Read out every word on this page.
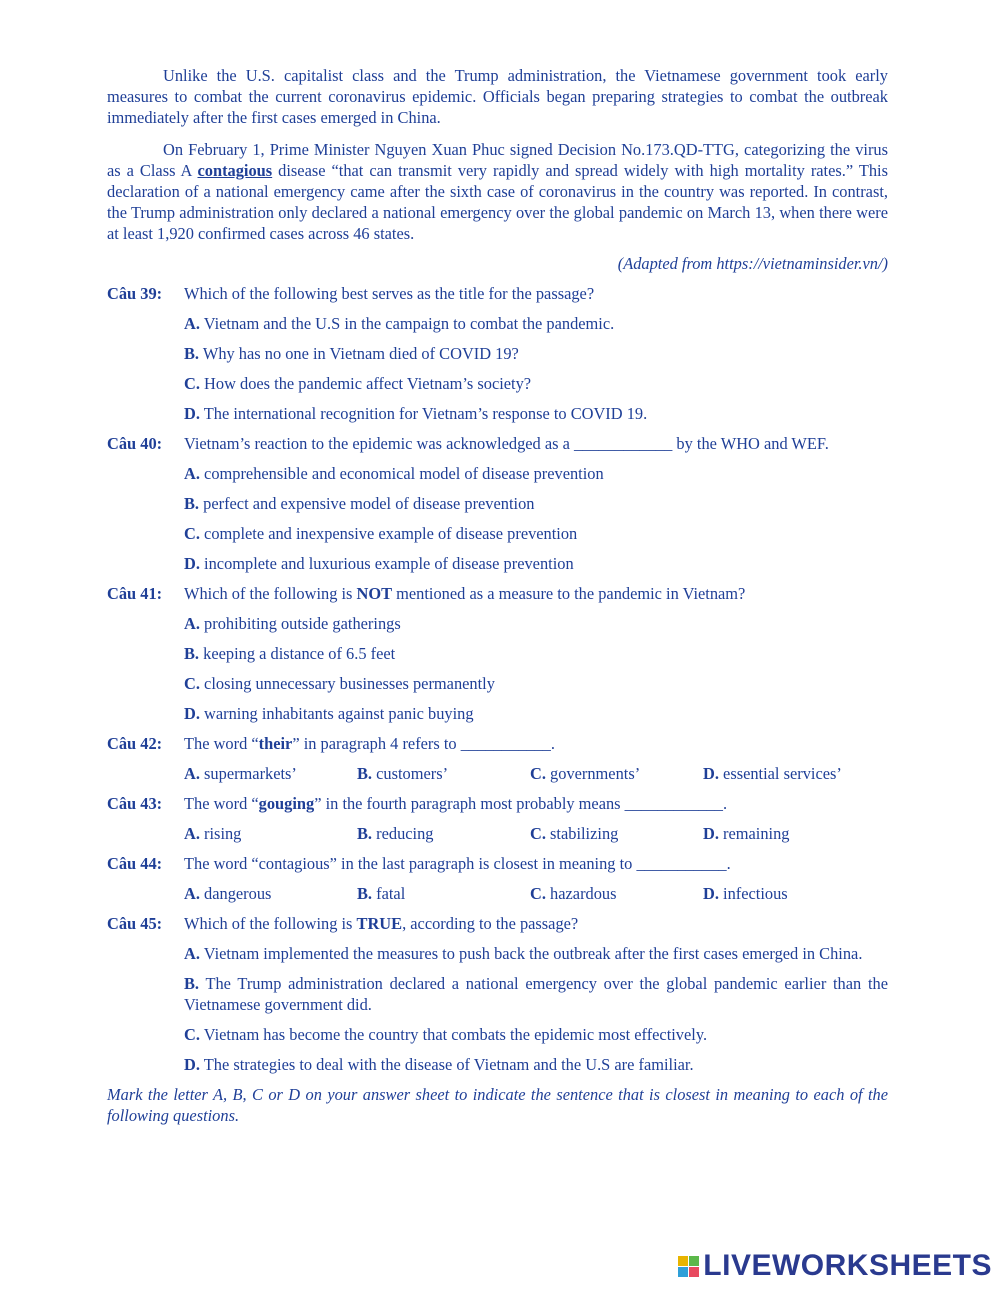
Unlike the U.S. capitalist class and the Trump administration, the Vietnamese government took early measures to combat the current coronavirus epidemic. Officials began preparing strategies to combat the outbreak immediately after the first cases emerged in China.

On February 1, Prime Minister Nguyen Xuan Phuc signed Decision No.173.QD-TTG, categorizing the virus as a Class A contagious disease “that can transmit very rapidly and spread widely with high mortality rates.” This declaration of a national emergency came after the sixth case of coronavirus in the country was reported. In contrast, the Trump administration only declared a national emergency over the global pandemic on March 13, when there were at least 1,920 confirmed cases across 46 states.

(Adapted from https://vietnaminsider.vn/)

Câu 39:	Which of the following best serves as the title for the passage?
A. Vietnam and the U.S in the campaign to combat the pandemic.
B. Why has no one in Vietnam died of COVID 19?
C. How does the pandemic affect Vietnam’s society?
D. The international recognition for Vietnam’s response to COVID 19.
Câu 40:	Vietnam’s reaction to the epidemic was acknowledged as a ____________ by the WHO and WEF.
A. comprehensible and economical model of disease prevention
B. perfect and expensive model of disease prevention
C. complete and inexpensive example of disease prevention
D. incomplete and luxurious example of disease prevention
Câu 41:	Which of the following is NOT mentioned as a measure to the pandemic in Vietnam?
A. prohibiting outside gatherings
B. keeping a distance of 6.5 feet
C. closing unnecessary businesses permanently
D. warning inhabitants against panic buying
Câu 42:	The word “their” in paragraph 4 refers to ___________.
A. supermarkets’	B. customers’	C. governments’	D. essential services’
Câu 43:	The word “gouging” in the fourth paragraph most probably means ____________.
A. rising	B. reducing	C. stabilizing	D. remaining
Câu 44:	The word “contagious” in the last paragraph is closest in meaning to ___________.
A. dangerous	B. fatal	C. hazardous	D. infectious
Câu 45:	Which of the following is TRUE, according to the passage?
A. Vietnam implemented the measures to push back the outbreak after the first cases emerged in China.
B. The Trump administration declared a national emergency over the global pandemic earlier than the Vietnamese government did.
C. Vietnam has become the country that combats the epidemic most effectively.
D. The strategies to deal with the disease of Vietnam and the U.S are familiar.

Mark the letter A, B, C or D on your answer sheet to indicate the sentence that is closest in meaning to each of the following questions.

LIVEWORKSHEETS
